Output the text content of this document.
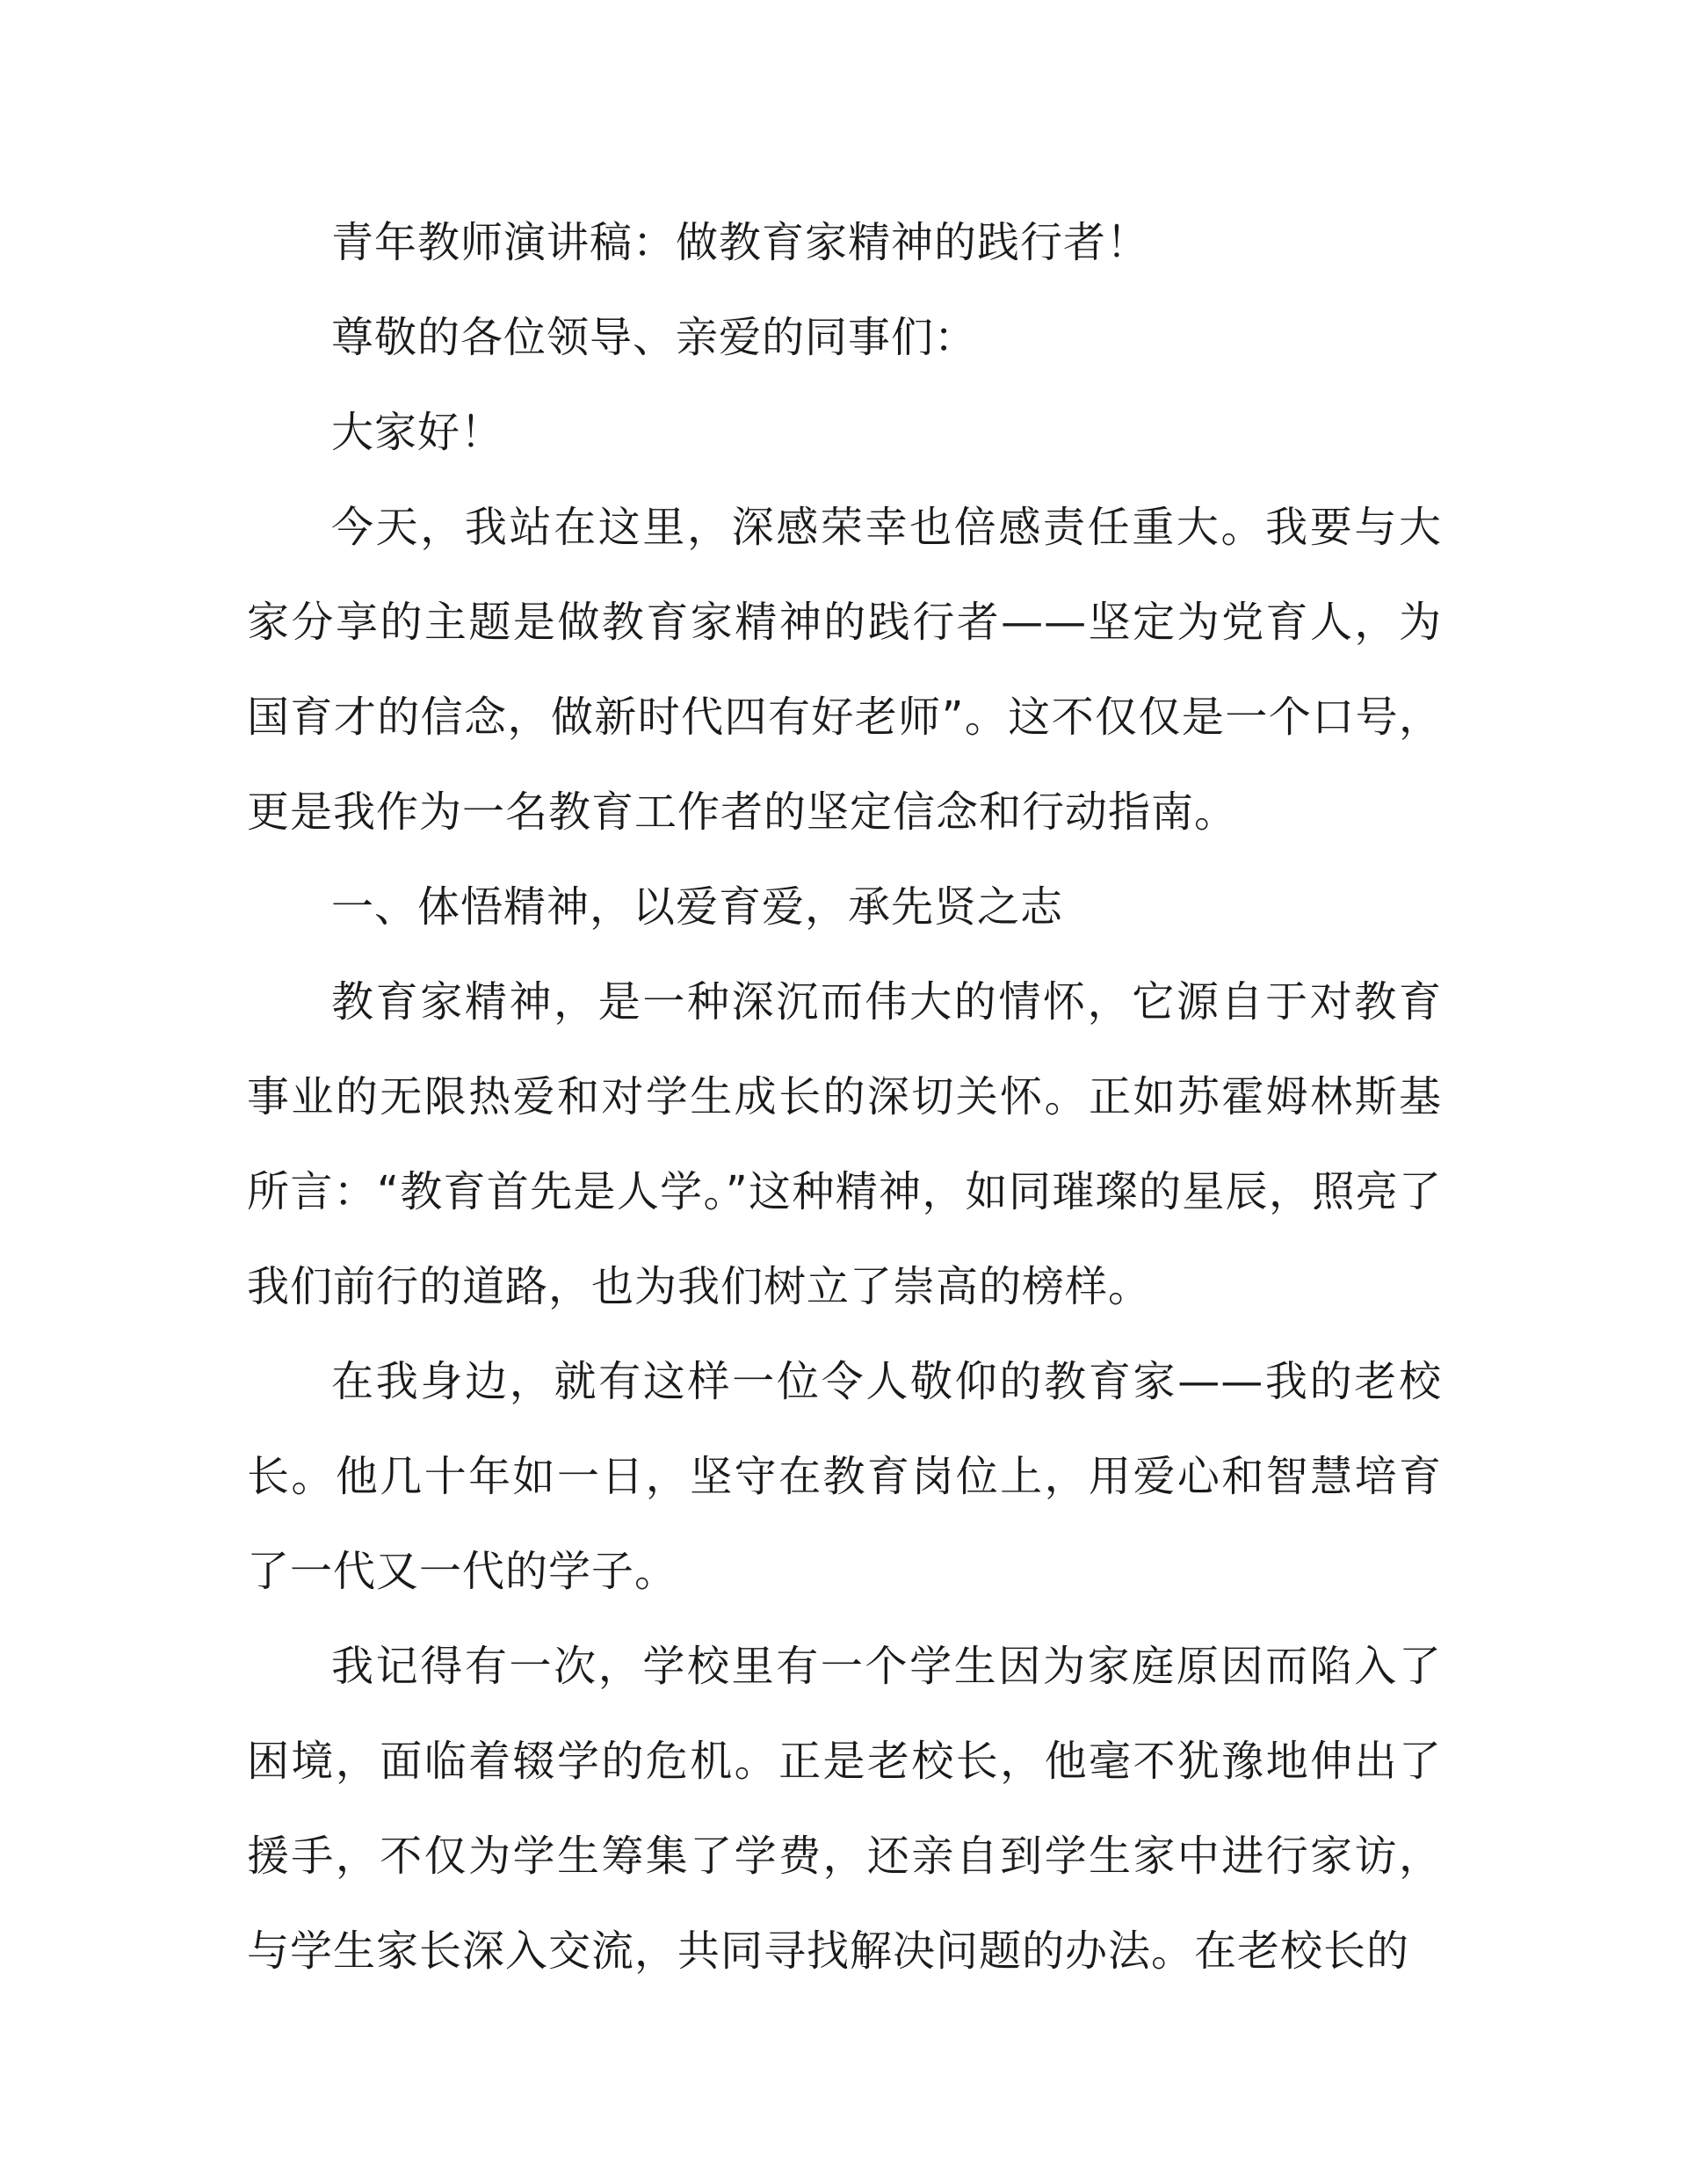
青年教师演讲稿：做教育家精神的践行者！

尊敬的各位领导、亲爱的同事们：

大家好！

今天，我站在这里，深感荣幸也倍感责任重大。我要与大家分享的主题是做教育家精神的践行者——坚定为党育人，为国育才的信念，做新时代四有好老师”。这不仅仅是一个口号，更是我作为一名教育工作者的坚定信念和行动指南。

一、体悟精神，以爱育爱，承先贤之志

教育家精神，是一种深沉而伟大的情怀，它源自于对教育事业的无限热爱和对学生成长的深切关怀。正如苏霍姆林斯基所言：“教育首先是人学。”这种精神，如同璀璨的星辰，照亮了我们前行的道路，也为我们树立了崇高的榜样。

在我身边，就有这样一位令人敬仰的教育家——我的老校长。他几十年如一日，坚守在教育岗位上，用爱心和智慧培育了一代又一代的学子。

我记得有一次，学校里有一个学生因为家庭原因而陷入了困境，面临着辍学的危机。正是老校长，他毫不犹豫地伸出了援手，不仅为学生筹集了学费，还亲自到学生家中进行家访，与学生家长深入交流，共同寻找解决问题的办法。在老校长的
